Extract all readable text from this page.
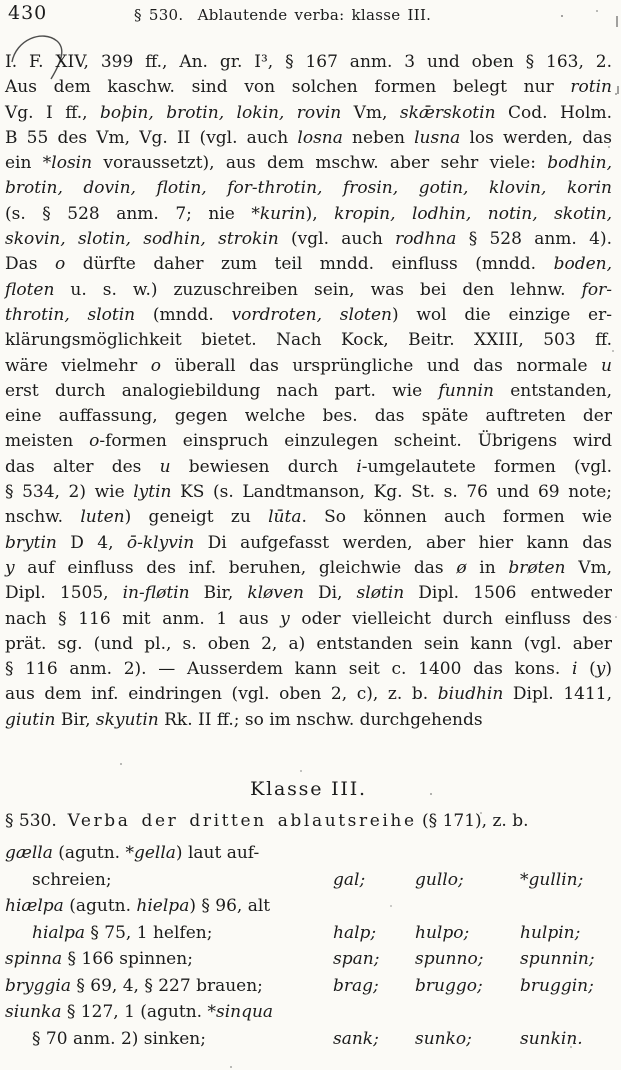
430	§ 530.  Ablautende verba: klasse III.
I. F. XIV, 399 ff., An. gr. I³, § 167 anm. 3 und oben § 163, 2.
Aus dem kaschw. sind von solchen formen belegt nur rotin
Vg. I ff., boþin, brotin, lokin, rovin Vm, skǣrskotin Cod. Holm.
B 55 des Vm, Vg. II (vgl. auch losna neben lusna los werden, das
ein *losin voraussetzt), aus dem mschw. aber sehr viele: bodhin,
brotin, dovin, flotin, for-throtin, frosin, gotin, klovin, korin
(s. § 528 anm. 7; nie *kurin), kropin, lodhin, notin, skotin,
skovin, slotin, sodhin, strokin (vgl. auch rodhna § 528 anm. 4).
Das o dürfte daher zum teil mndd. einfluss (mndd. boden,
floten u. s. w.) zuzuschreiben sein, was bei den lehnw. for-
throtin, slotin (mndd. vordroten, sloten) wol die einzige er-
klärungsmöglichkeit bietet. Nach Kock, Beitr. XXIII, 503 ff.
wäre vielmehr o überall das ursprüngliche und das normale u
erst durch analogiebildung nach part. wie funnin entstanden,
eine auffassung, gegen welche bes. das späte auftreten der
meisten o-formen einspruch einzulegen scheint. Übrigens wird
das alter des u bewiesen durch i-umgelautete formen (vgl.
§ 534, 2) wie lytin KS (s. Landtmanson, Kg. St. s. 76 und 69 note;
nschw. luten) geneigt zu lūta. So können auch formen wie
brytin D 4, ō-klyvin Di aufgefasst werden, aber hier kann das
y auf einfluss des inf. beruhen, gleichwie das ø in brøten Vm,
Dipl. 1505, in-fløtin Bir, kløven Di, sløtin Dipl. 1506 entweder
nach § 116 mit anm. 1 aus y oder vielleicht durch einfluss des
prät. sg. (und pl., s. oben 2, a) entstanden sein kann (vgl. aber
§ 116 anm. 2). — Ausserdem kann seit c. 1400 das kons. i (y)
aus dem inf. eindringen (vgl. oben 2, c), z. b. biudhin Dipl. 1411,
giutin Bir, skyutin Rk. II ff.; so im nschw. durchgehends
Klasse III.
§ 530.  Verba der dritten ablautsreihe (§ 171), z. b.
gælla (agutn. *gella) laut auf-
schreien;	gal;	gullo;	*gullin;
hiælpa (agutn. hielpa) § 96, alt
hialpa § 75, 1 helfen;	halp;	hulpo;	hulpin;
spinna § 166 spinnen;	span;	spunno;	spunnin;
bryggia § 69, 4, § 227 brauen;	brag;	bruggo;	bruggin;
siunka § 127, 1 (agutn. *sinqua
§ 70 anm. 2) sinken;	sank;	sunko;	sunkin.
